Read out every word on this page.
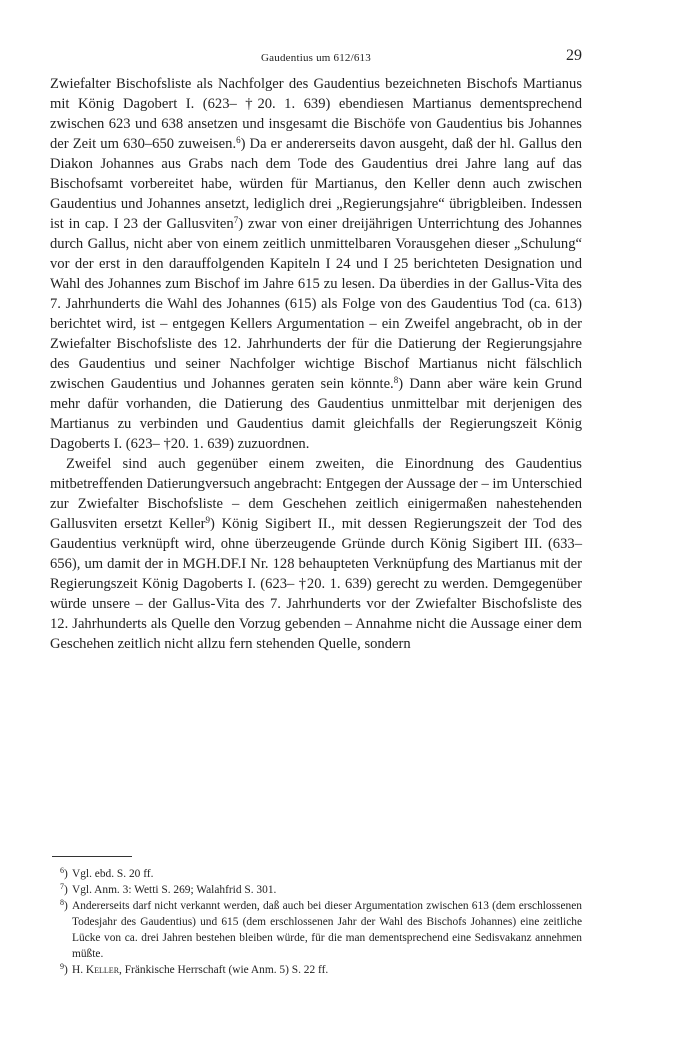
Gaudentius um 612/613	29

Zwiefalter Bischofsliste als Nachfolger des Gaudentius bezeichneten Bischofs Martianus mit König Dagobert I. (623– †20. 1. 639) ebendiesen Martianus dementsprechend zwischen 623 und 638 ansetzen und insgesamt die Bischöfe von Gaudentius bis Johannes der Zeit um 630–650 zuweisen.$^6$) Da er andererseits davon ausgeht, daß der hl. Gallus den Diakon Johannes aus Grabs nach dem Tode des Gaudentius drei Jahre lang auf das Bischofsamt vorbereitet habe, würden für Martianus, den Keller denn auch zwischen Gaudentius und Johannes ansetzt, lediglich drei „Regierungsjahre“ übrigbleiben. Indessen ist in cap. I 23 der Gallusviten$^7$) zwar von einer dreijährigen Unterrichtung des Johannes durch Gallus, nicht aber von einem zeitlich unmittelbaren Vorausgehen dieser „Schulung“ vor der erst in den darauffolgenden Kapiteln I 24 und I 25 berichteten Designation und Wahl des Johannes zum Bischof im Jahre 615 zu lesen. Da überdies in der Gallus-Vita des 7. Jahrhunderts die Wahl des Johannes (615) als Folge von des Gaudentius Tod (ca. 613) berichtet wird, ist – entgegen Kellers Argumentation – ein Zweifel angebracht, ob in der Zwiefalter Bischofsliste des 12. Jahrhunderts der für die Datierung der Regierungsjahre des Gaudentius und seiner Nachfolger wichtige Bischof Martianus nicht fälschlich zwischen Gaudentius und Johannes geraten sein könnte.$^8$) Dann aber wäre kein Grund mehr dafür vorhanden, die Datierung des Gaudentius unmittelbar mit derjenigen des Martianus zu verbinden und Gaudentius damit gleichfalls der Regierungszeit König Dagoberts I. (623– †20. 1. 639) zuzuordnen.

Zweifel sind auch gegenüber einem zweiten, die Einordnung des Gaudentius mitbetreffenden Datierungversuch angebracht: Entgegen der Aussage der – im Unterschied zur Zwiefalter Bischofsliste – dem Geschehen zeitlich einigermaßen nahestehenden Gallusviten ersetzt Keller$^9$) König Sigibert II., mit dessen Regierungszeit der Tod des Gaudentius verknüpft wird, ohne überzeugende Gründe durch König Sigibert III. (633–656), um damit der in MGH.DF.I Nr. 128 behaupteten Verknüpfung des Martianus mit der Regierungszeit König Dagoberts I. (623– †20. 1. 639) gerecht zu werden. Demgegenüber würde unsere – der Gallus-Vita des 7. Jahrhunderts vor der Zwiefalter Bischofsliste des 12. Jahrhunderts als Quelle den Vorzug gebenden – Annahme nicht die Aussage einer dem Geschehen zeitlich nicht allzu fern stehenden Quelle, sondern

$^6$) Vgl. ebd. S. 20 ff.
$^7$) Vgl. Anm. 3: Wetti S. 269; Walahfrid S. 301.
$^8$) Andererseits darf nicht verkannt werden, daß auch bei dieser Argumentation zwischen 613 (dem erschlossenen Todesjahr des Gaudentius) und 615 (dem erschlossenen Jahr der Wahl des Bischofs Johannes) eine zeitliche Lücke von ca. drei Jahren bestehen bleiben würde, für die man dementsprechend eine Sedisvakanz annehmen müßte.
$^9$) H. Keller, Fränkische Herrschaft (wie Anm. 5) S. 22 ff.
